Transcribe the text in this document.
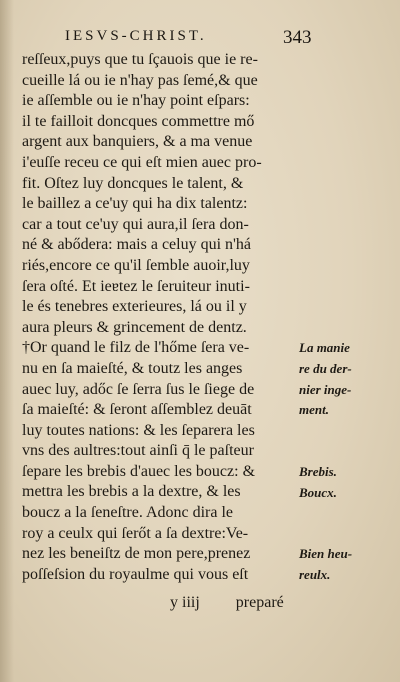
IESVS-CHRIST.	343
reſſeux,puys que tu ſçauois que ie re-
cueille lá ou ie n'hay pas ſemé,& que
ie aſſemble ou ie n'hay point eſpars:
il te failloit doncques commettre mő
argent aux banquiers, & a ma venue
i'euſſe receu ce qui eſt mien auec pro-
fit. Oſtez luy doncques le talent, &
le baillez a ce'uy qui ha dix talentz:
car a tout ce'uy qui aura,il ſera don-
né & abődera: mais a celuy qui n'há
riés,encore ce qu'il ſemble auoir,luy
ſera oſté. Et ieɐtez le ſeruiteur inuti-
le és tenebres exterieures, lá ou il y
aura pleurs & grincement de dentz.
†Or quand le filz de l'hőme ſera ve-
nu en ſa maieſté, & toutz les anges
auec luy, adőc ſe ſerra ſus le ſiege de
ſa maieſté: & ſeront aſſemblez deuāt
luy toutes nations: & les ſeparera les
vns des aultres:tout ainſi q̄ le paſteur
ſepare les brebis d'auec les boucz: &
mettra les brebis a la dextre, & les
boucz a la ſeneſtre. Adonc dira le
roy a ceulx qui ſerőt a ſa dextre:Ve-
nez les beneiſtz de mon pere,prenez
poſſeſsion du royaulme qui vous eſt
La manie
re du der-
nier inge-
ment.
Brebis.
Boucx.
Bien heu-
reulx.
y iiij preparé
